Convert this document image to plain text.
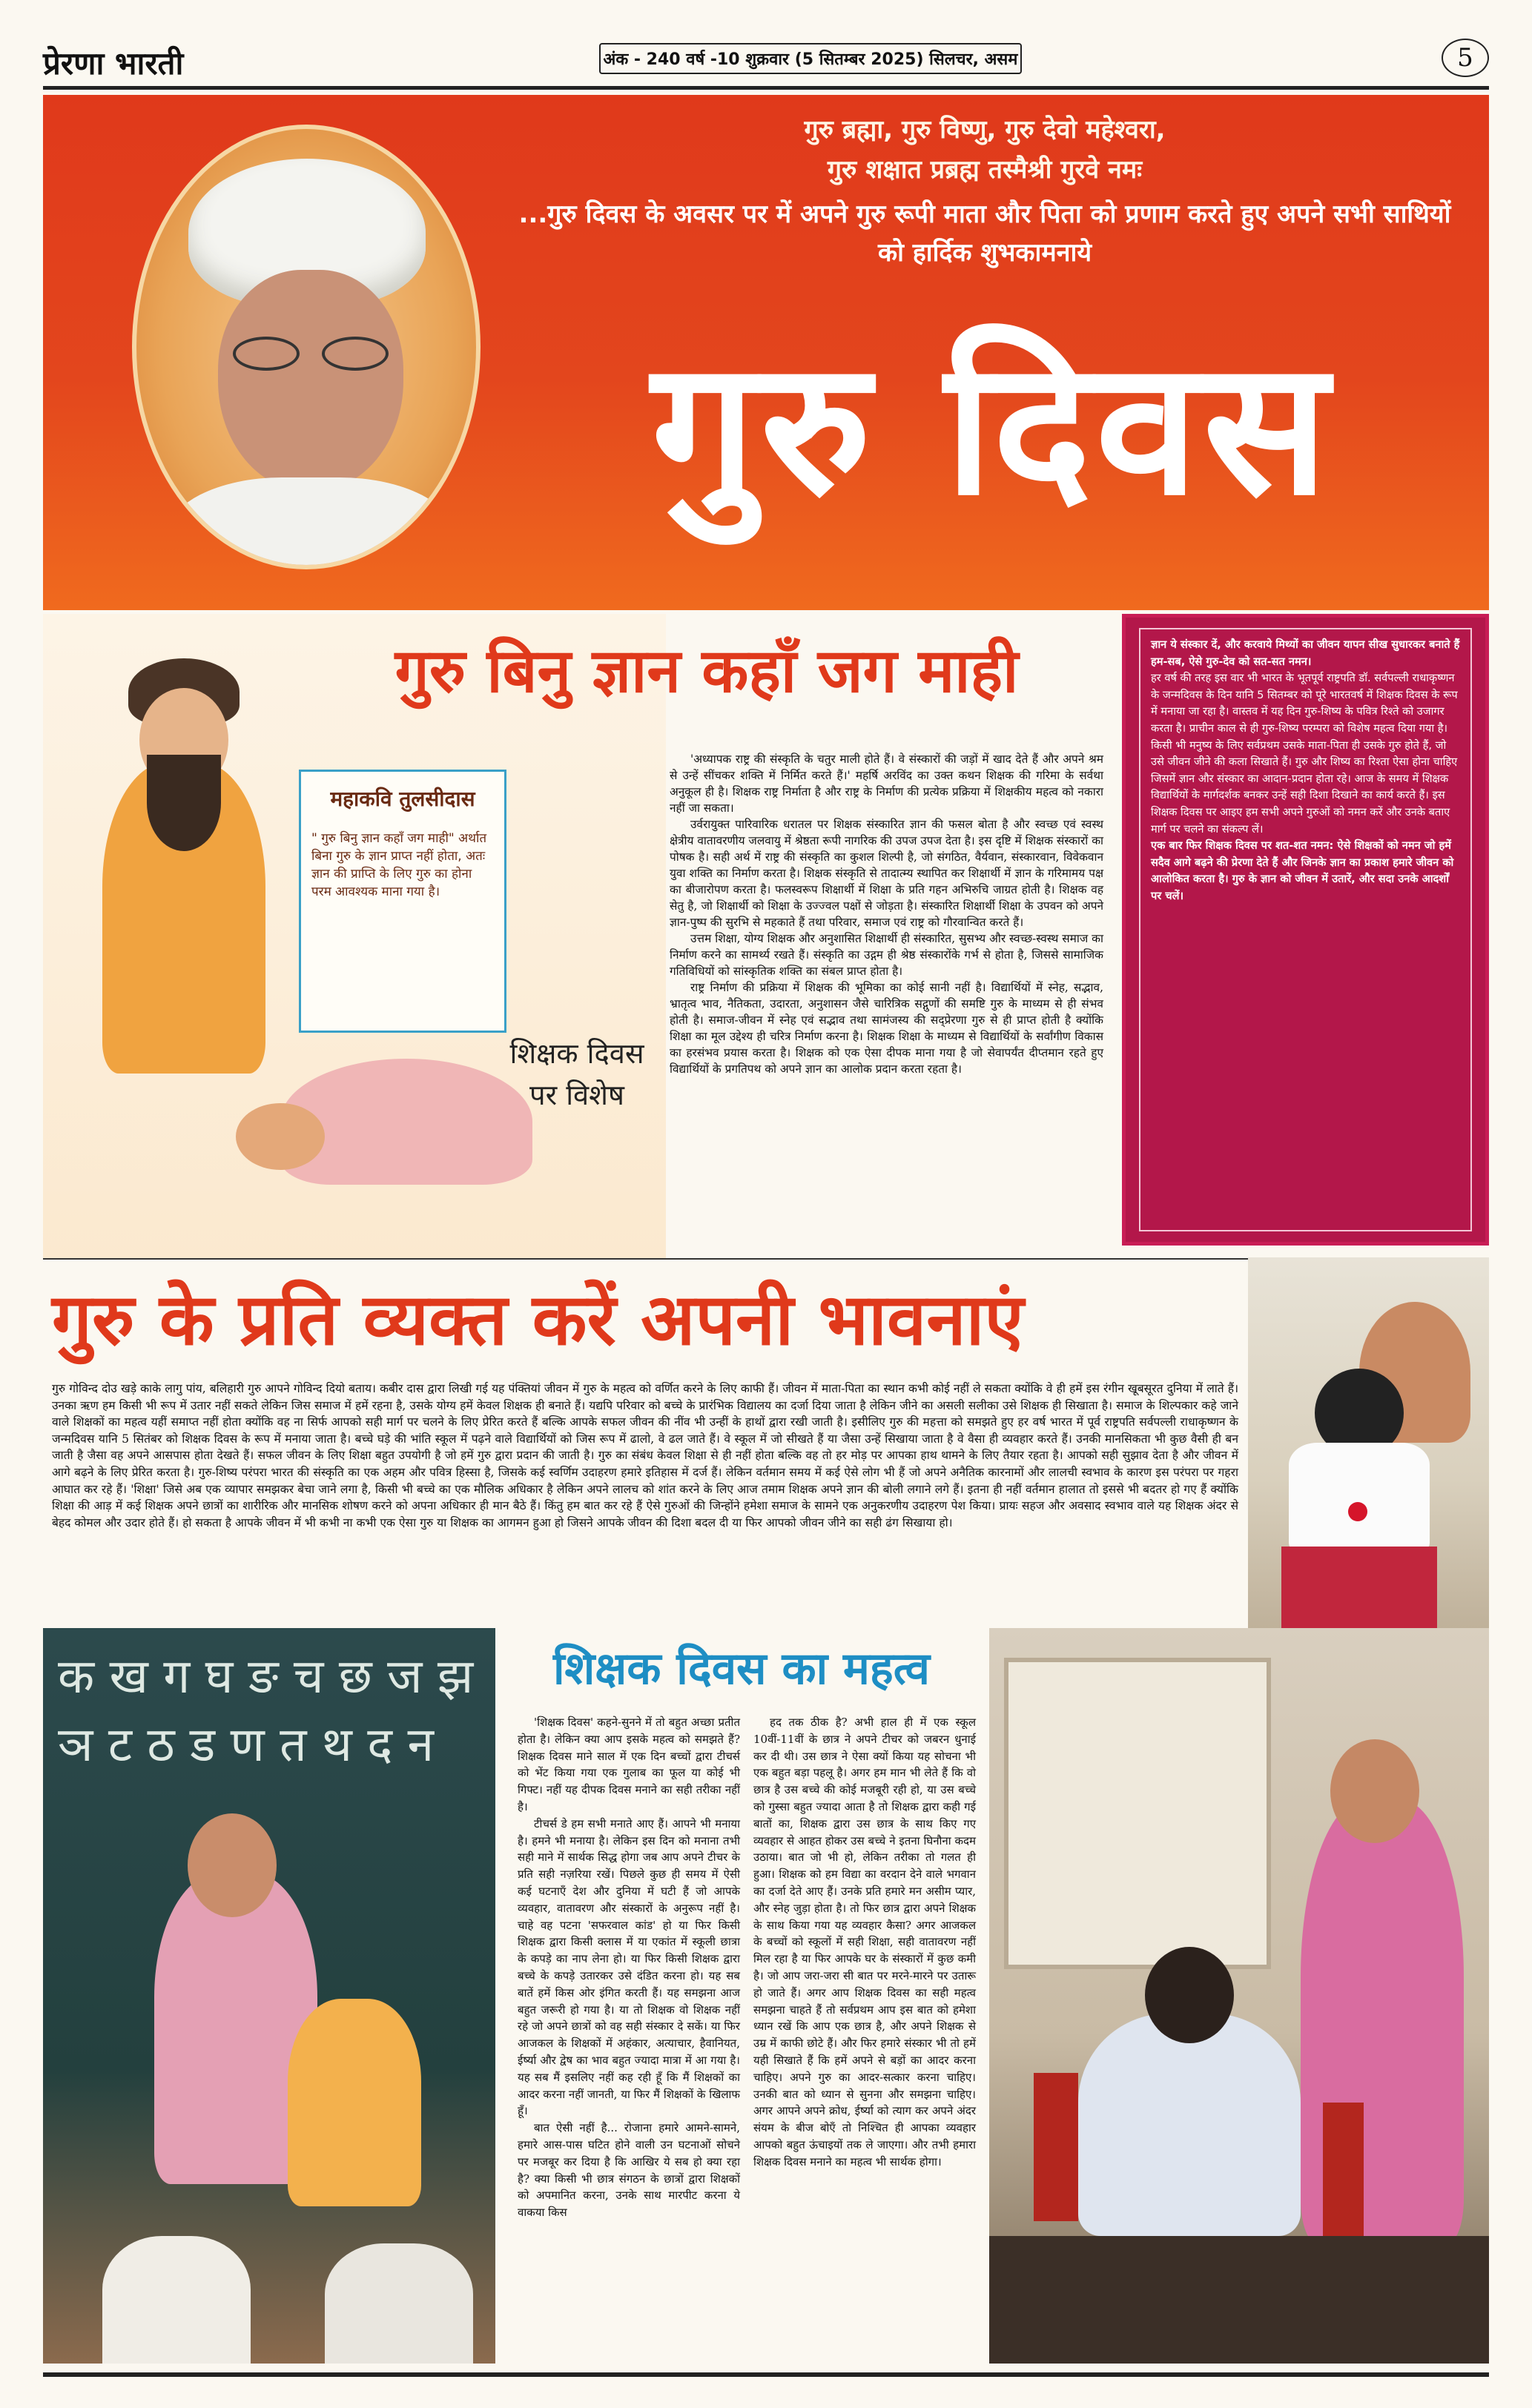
प्रेरणा भारती	अंक - 240 वर्ष -10 शुक्रवार (5 सितम्बर 2025) सिलचर, असम	5

गुरु ब्रह्मा, गुरु विष्णु, गुरु देवो महेश्वरा,

गुरु शक्षात प्रब्रह्म तस्मैश्री गुरवे नमः

...गुरु दिवस के अवसर पर में अपने गुरु रूपी माता और पिता को प्रणाम करते हुए अपने सभी साथियों को हार्दिक शुभकामनाये
गुरु दिवस
गुरु बिनु ज्ञान कहाँ जग माही
महाकवि तुलसीदास
" गुरु बिनु ज्ञान कहाँ जग माही" अर्थात बिना गुरु के ज्ञान प्राप्त नहीं होता, अतः ज्ञान की प्राप्ति के लिए गुरु का होना परम आवश्यक माना गया है।
शिक्षक दिवस पर विशेष

'अध्यापक राष्ट्र की संस्कृति के चतुर माली होते हैं। वे संस्कारों की जड़ों में खाद देते हैं और अपने श्रम से उन्हें सींचकर शक्ति में निर्मित करते हैं।' महर्षि अरविंद का उक्त कथन शिक्षक की गरिमा के सर्वथा अनुकूल ही है। शिक्षक राष्ट्र निर्माता है और राष्ट्र के निर्माण की प्रत्येक प्रक्रिया में शिक्षकीय महत्व को नकारा नहीं जा सकता।

उर्वरायुक्त पारिवारिक धरातल पर शिक्षक संस्कारित ज्ञान की फसल बोता है और स्वच्छ एवं स्वस्थ क्षेत्रीय वातावरणीय जलवायु में श्रेष्ठता रूपी नागरिक की उपज उपज देता है। इस दृष्टि में शिक्षक संस्कारों का पोषक है। सही अर्थ में राष्ट्र की संस्कृति का कुशल शिल्पी है, जो संगठित, वैर्यवान, संस्कारवान, विवेकवान युवा शक्ति का निर्माण करता है। शिक्षक संस्कृति से तादात्म्य स्थापित कर शिक्षार्थी में ज्ञान के गरिमामय पक्ष का बीजारोपण करता है। फलस्वरूप शिक्षार्थी में शिक्षा के प्रति गहन अभिरुचि जाग्रत होती है। शिक्षक वह सेतु है, जो शिक्षार्थी को शिक्षा के उज्ज्वल पक्षों से जोड़ता है। संस्कारित शिक्षार्थी शिक्षा के उपवन को अपने ज्ञान-पुष्प की सुरभि से महकाते हैं तथा परिवार, समाज एवं राष्ट्र को गौरवान्वित करते हैं।

उत्तम शिक्षा, योग्य शिक्षक और अनुशासित शिक्षार्थी ही संस्कारित, सुसभ्य और स्वच्छ-स्वस्थ समाज का निर्माण करने का सामर्थ्य रखते हैं। संस्कृति का उद्गम ही श्रेष्ठ संस्कारोंके गर्भ से होता है, जिससे सामाजिक गतिविधियों को सांस्कृतिक शक्ति का संबल प्राप्त होता है।

राष्ट्र निर्माण की प्रक्रिया में शिक्षक की भूमिका का कोई सानी नहीं है। विद्यार्थियों में स्नेह, सद्भाव, भ्रातृत्व भाव, नैतिकता, उदारता, अनुशासन जैसे चारित्रिक सद्गुणों की समष्टि गुरु के माध्यम से ही संभव होती है। समाज-जीवन में स्नेह एवं सद्भाव तथा सामंजस्य की सद्प्रेरणा गुरु से ही प्राप्त होती है क्योंकि शिक्षा का मूल उद्देश्य ही चरित्र निर्माण करना है। शिक्षक शिक्षा के माध्यम से विद्यार्थियों के सर्वांगीण विकास का हरसंभव प्रयास करता है। शिक्षक को एक ऐसा दीपक माना गया है जो सेवापर्यंत दीप्तमान रहते हुए विद्यार्थियों के प्रगतिपथ को अपने ज्ञान का आलोक प्रदान करता रहता है।

ज्ञान ये संस्कार दें, और करवाये मिथ्यों का जीवन यापन सीख सुधारकर बनाते हैं हम-सब, ऐसे गुरु-देव को सत-सत नमन।

हर वर्ष की तरह इस वार भी भारत के भूतपूर्व राष्ट्रपति डॉ. सर्वपल्ली राधाकृष्णन के जन्मदिवस के दिन यानि 5 सितम्बर को पूरे भारतवर्ष में शिक्षक दिवस के रूप में मनाया जा रहा है। वास्तव में यह दिन गुरु-शिष्य के पवित्र रिश्ते को उजागर करता है। प्राचीन काल से ही गुरु-शिष्य परम्परा को विशेष महत्व दिया गया है। किसी भी मनुष्य के लिए सर्वप्रथम उसके माता-पिता ही उसके गुरु होते हैं, जो उसे जीवन जीने की कला सिखाते हैं। गुरु और शिष्य का रिश्ता ऐसा होना चाहिए जिसमें ज्ञान और संस्कार का आदान-प्रदान होता रहे। आज के समय में शिक्षक विद्यार्थियों के मार्गदर्शक बनकर उन्हें सही दिशा दिखाने का कार्य करते हैं। इस शिक्षक दिवस पर आइए हम सभी अपने गुरुओं को नमन करें और उनके बताए मार्ग पर चलने का संकल्प लें।

एक बार फिर शिक्षक दिवस पर शत-शत नमन: ऐसे शिक्षकों को नमन जो हमें सदैव आगे बढ़ने की प्रेरणा देते हैं और जिनके ज्ञान का प्रकाश हमारे जीवन को आलोकित करता है। गुरु के ज्ञान को जीवन में उतारें, और सदा उनके आदर्शों पर चलें।

गुरु के प्रति व्यक्त करें अपनी भावनाएं
गुरु गोविन्द दोउ खड़े काके लागु पांय, बलिहारी गुरु आपने गोविन्द दियो बताय। कबीर दास द्वारा लिखी गई यह पंक्तियां जीवन में गुरु के महत्व को वर्णित करने के लिए काफी हैं। जीवन में माता-पिता का स्थान कभी कोई नहीं ले सकता क्योंकि वे ही हमें इस रंगीन खूबसूरत दुनिया में लाते हैं। उनका ऋण हम किसी भी रूप में उतार नहीं सकते लेकिन जिस समाज में हमें रहना है, उसके योग्य हमें केवल शिक्षक ही बनाते हैं। यद्यपि परिवार को बच्चे के प्रारंभिक विद्यालय का दर्जा दिया जाता है लेकिन जीने का असली सलीका उसे शिक्षक ही सिखाता है। समाज के शिल्पकार कहे जाने वाले शिक्षकों का महत्व यहीं समाप्त नहीं होता क्योंकि वह ना सिर्फ आपको सही मार्ग पर चलने के लिए प्रेरित करते हैं बल्कि आपके सफल जीवन की नींव भी उन्हीं के हाथों द्वारा रखी जाती है। इसीलिए गुरु की महत्ता को समझते हुए हर वर्ष भारत में पूर्व राष्ट्रपति सर्वपल्ली राधाकृष्णन के जन्मदिवस यानि 5 सितंबर को शिक्षक दिवस के रूप में मनाया जाता है। बच्चे घड़े की भांति स्कूल में पढ़ने वाले विद्यार्थियों को जिस रूप में ढालो, वे ढल जाते हैं। वे स्कूल में जो सीखते हैं या जैसा उन्हें सिखाया जाता है वे वैसा ही व्यवहार करते हैं। उनकी मानसिकता भी कुछ वैसी ही बन जाती है जैसा वह अपने आसपास होता देखते हैं। सफल जीवन के लिए शिक्षा बहुत उपयोगी है जो हमें गुरु द्वारा प्रदान की जाती है। गुरु का संबंध केवल शिक्षा से ही नहीं होता बल्कि वह तो हर मोड़ पर आपका हाथ थामने के लिए तैयार रहता है। आपको सही सुझाव देता है और जीवन में आगे बढ़ने के लिए प्रेरित करता है। गुरु-शिष्य परंपरा भारत की संस्कृति का एक अहम और पवित्र हिस्सा है, जिसके कई स्वर्णिम उदाहरण हमारे इतिहास में दर्ज हैं। लेकिन वर्तमान समय में कई ऐसे लोग भी हैं जो अपने अनैतिक कारनामों और लालची स्वभाव के कारण इस परंपरा पर गहरा आघात कर रहे हैं। 'शिक्षा' जिसे अब एक व्यापार समझकर बेचा जाने लगा है, किसी भी बच्चे का एक मौलिक अधिकार है लेकिन अपने लालच को शांत करने के लिए आज तमाम शिक्षक अपने ज्ञान की बोली लगाने लगे हैं। इतना ही नहीं वर्तमान हालात तो इससे भी बदतर हो गए हैं क्योंकि शिक्षा की आड़ में कई शिक्षक अपने छात्रों का शारीरिक और मानसिक शोषण करने को अपना अधिकार ही मान बैठे हैं। किंतु हम बात कर रहे हैं ऐसे गुरुओं की जिन्होंने हमेशा समाज के सामने एक अनुकरणीय उदाहरण पेश किया। प्रायः सहज और अवसाद स्वभाव वाले यह शिक्षक अंदर से बेहद कोमल और उदार होते हैं। हो सकता है आपके जीवन में भी कभी ना कभी एक ऐसा गुरु या शिक्षक का आगमन हुआ हो जिसने आपके जीवन की दिशा बदल दी या फिर आपको जीवन जीने का सही ढंग सिखाया हो।
क ख ग घ ङ च छ ज झ ञ ट ठ ड ण त थ द न
शिक्षक दिवस का महत्व

'शिक्षक दिवस' कहने-सुनने में तो बहुत अच्छा प्रतीत होता है। लेकिन क्या आप इसके महत्व को समझते हैं? शिक्षक दिवस माने साल में एक दिन बच्चों द्वारा टीचर्स को भेंट किया गया एक गुलाब का फूल या कोई भी गिफ्ट। नहीं यह दीपक दिवस मनाने का सही तरीका नहीं है।

टीचर्स डे हम सभी मनाते आए हैं। आपने भी मनाया है। हमने भी मनाया है। लेकिन इस दिन को मनाना तभी सही माने में सार्थक सिद्ध होगा जब आप अपने टीचर के प्रति सही नज़रिया रखें। पिछले कुछ ही समय में ऐसी कई घटनाएँ देश और दुनिया में घटी हैं जो आपके व्यवहार, वातावरण और संस्कारों के अनुरूप नहीं है। चाहे वह पटना 'सफरवाल कांड' हो या फिर किसी शिक्षक द्वारा किसी क्लास में या एकांत में स्कूली छात्रा के कपड़े का नाप लेना हो। या फिर किसी शिक्षक द्वारा बच्चे के कपड़े उतारकर उसे दंडित करना हो। यह सब बातें हमें किस ओर इंगित करती हैं। यह समझना आज बहुत जरूरी हो गया है। या तो शिक्षक वो शिक्षक नहीं रहे जो अपने छात्रों को वह सही संस्कार दे सकें। या फिर आजकल के शिक्षकों में अहंकार, अत्याचार, हैवानियत, ईर्ष्या और द्वेष का भाव बहुत ज्यादा मात्रा में आ गया है। यह सब मैं इसलिए नहीं कह रही हूँ कि मैं शिक्षकों का आदर करना नहीं जानती, या फिर मैं शिक्षकों के खिलाफ हूँ।

बात ऐसी नहीं है... रोजाना हमारे आमने-सामने, हमारे आस-पास घटित होने वाली उन घटनाओं सोचने पर मजबूर कर दिया है कि आखिर ये सब हो क्या रहा है? क्या किसी भी छात्र संगठन के छात्रों द्वारा शिक्षकों को अपमानित करना, उनके साथ मारपीट करना ये वाकया किस

हद तक ठीक है? अभी हाल ही में एक स्कूल 10वीं-11वीं के छात्र ने अपने टीचर को जबरन धुनाई कर दी थी। उस छात्र ने ऐसा क्यों किया यह सोचना भी एक बहुत बड़ा पहलू है। अगर हम मान भी लेते हैं कि वो छात्र है उस बच्चे की कोई मजबूरी रही हो, या उस बच्चे को गुस्सा बहुत ज्यादा आता है तो शिक्षक द्वारा कही गई बातों का, शिक्षक द्वारा उस छात्र के साथ किए गए व्यवहार से आहत होकर उस बच्चे ने इतना घिनौना कदम उठाया। बात जो भी हो, लेकिन तरीका तो गलत ही हुआ। शिक्षक को हम विद्या का वरदान देने वाले भगवान का दर्जा देते आए हैं। उनके प्रति हमारे मन असीम प्यार, और स्नेह जुड़ा होता है। तो फिर छात्र द्वारा अपने शिक्षक के साथ किया गया यह व्यवहार कैसा? अगर आजकल के बच्चों को स्कूलों में सही शिक्षा, सही वातावरण नहीं मिल रहा है या फिर आपके घर के संस्कारों में कुछ कमी है। जो आप जरा-जरा सी बात पर मरने-मारने पर उतारू हो जाते हैं। अगर आप शिक्षक दिवस का सही महत्व समझना चाहते हैं तो सर्वप्रथम आप इस बात को हमेशा ध्यान रखें कि आप एक छात्र है, और अपने शिक्षक से उम्र में काफी छोटे हैं। और फिर हमारे संस्कार भी तो हमें यही सिखाते हैं कि हमें अपने से बड़ों का आदर करना चाहिए। अपने गुरु का आदर-सत्कार करना चाहिए। उनकी बात को ध्यान से सुनना और समझना चाहिए। अगर आपने अपने क्रोध, ईर्ष्या को त्याग कर अपने अंदर संयम के बीज बोएँ तो निश्चित ही आपका व्यवहार आपको बहुत ऊंचाइयों तक ले जाएगा। और तभी हमारा शिक्षक दिवस मनाने का महत्व भी सार्थक होगा।
